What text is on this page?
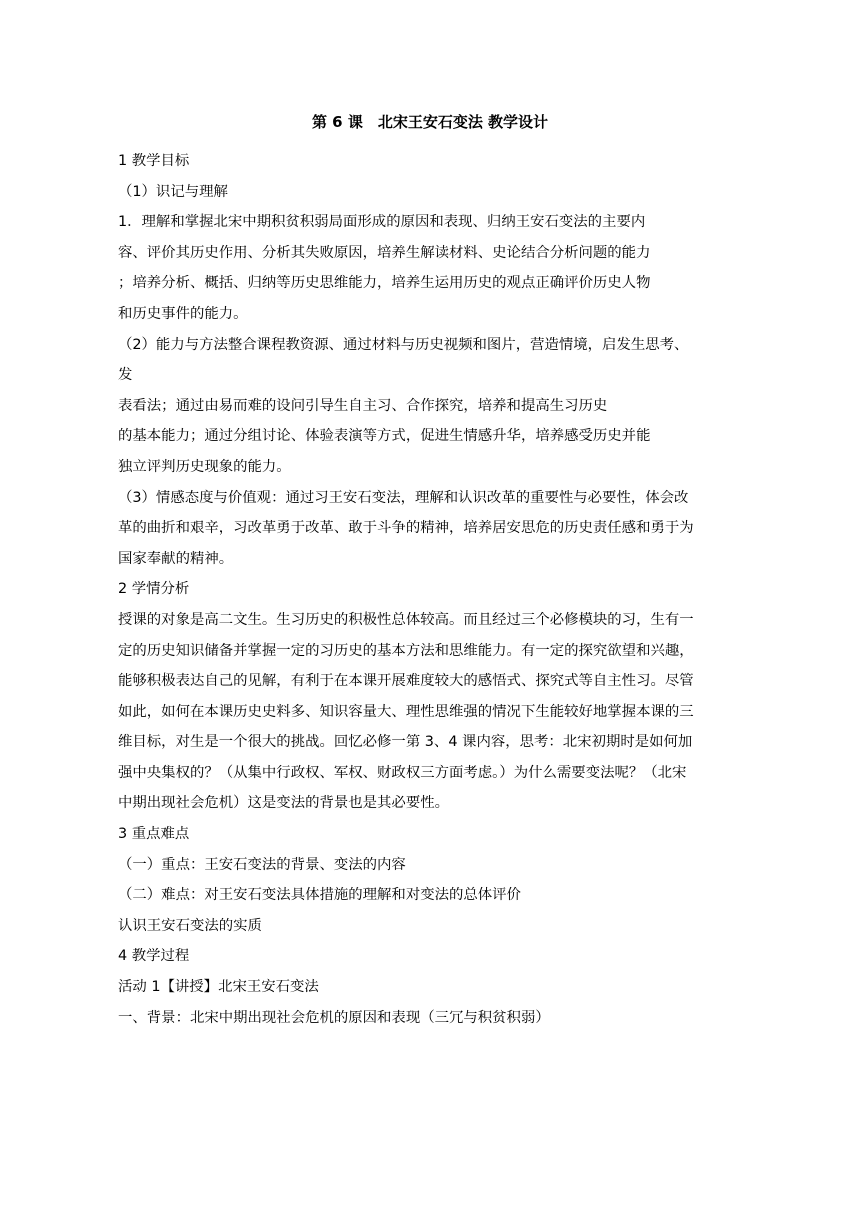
第 6 课　北宋王安石变法 教学设计
1 教学目标
（1）识记与理解
1．理解和掌握北宋中期积贫积弱局面形成的原因和表现、归纳王安石变法的主要内
容、评价其历史作用、分析其失败原因，培养生解读材料、史论结合分析问题的能力
；培养分析、概括、归纳等历史思维能力，培养生运用历史的观点正确评价历史人物
和历史事件的能力。
（2）能力与方法整合课程教资源、通过材料与历史视频和图片，营造情境，启发生思考、
发
表看法；通过由易而难的设问引导生自主习、合作探究，培养和提高生习历史
的基本能力；通过分组讨论、体验表演等方式，促进生情感升华，培养感受历史并能
独立评判历史现象的能力。
（3）情感态度与价值观：通过习王安石变法，理解和认识改革的重要性与必要性，体会改
革的曲折和艰辛，习改革勇于改革、敢于斗争的精神，培养居安思危的历史责任感和勇于为
国家奉献的精神。
2 学情分析
授课的对象是高二文生。生习历史的积极性总体较高。而且经过三个必修模块的习，生有一
定的历史知识储备并掌握一定的习历史的基本方法和思维能力。有一定的探究欲望和兴趣，
能够积极表达自己的见解，有利于在本课开展难度较大的感悟式、探究式等自主性习。尽管
如此，如何在本课历史史料多、知识容量大、理性思维强的情况下生能较好地掌握本课的三
维目标，对生是一个很大的挑战。回忆必修一第 3、4 课内容，思考：北宋初期时是如何加
强中央集权的？（从集中行政权、军权、财政权三方面考虑。）为什么需要变法呢？（北宋
中期出现社会危机）这是变法的背景也是其必要性。
3 重点难点
（一）重点：王安石变法的背景、变法的内容
（二）难点：对王安石变法具体措施的理解和对变法的总体评价
认识王安石变法的实质
4 教学过程
活动 1【讲授】北宋王安石变法
一、背景：北宋中期出现社会危机的原因和表现（三冗与积贫积弱）
